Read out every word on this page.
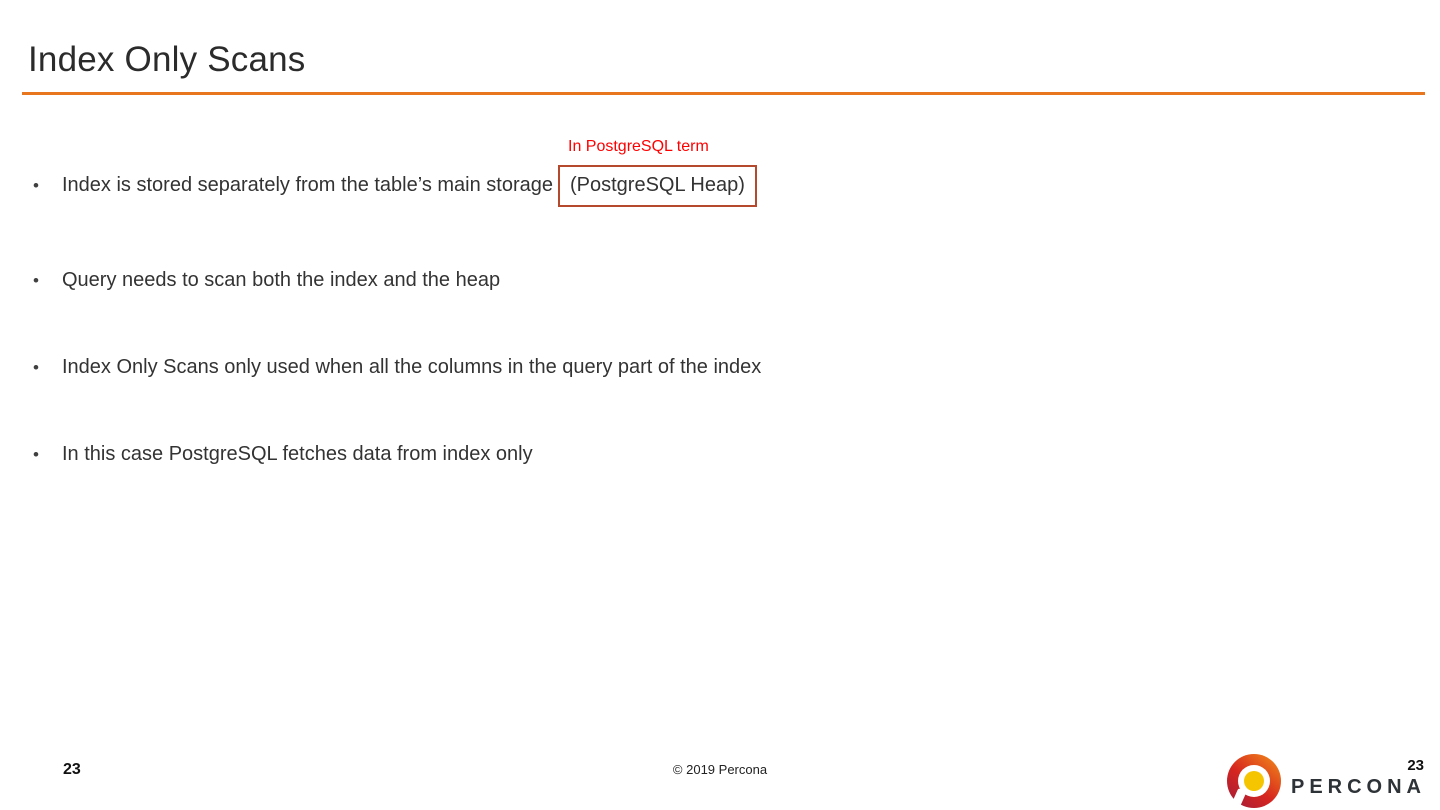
Index Only Scans
•	Index is stored separately from the table’s main storage
In PostgreSQL term
(PostgreSQL Heap)
•	Query needs to scan both the index and the heap
•	Index Only Scans only used when all the columns in the query part of the index
•	In this case PostgreSQL fetches data from index only
23	© 2019 Percona	23
PERCONA
